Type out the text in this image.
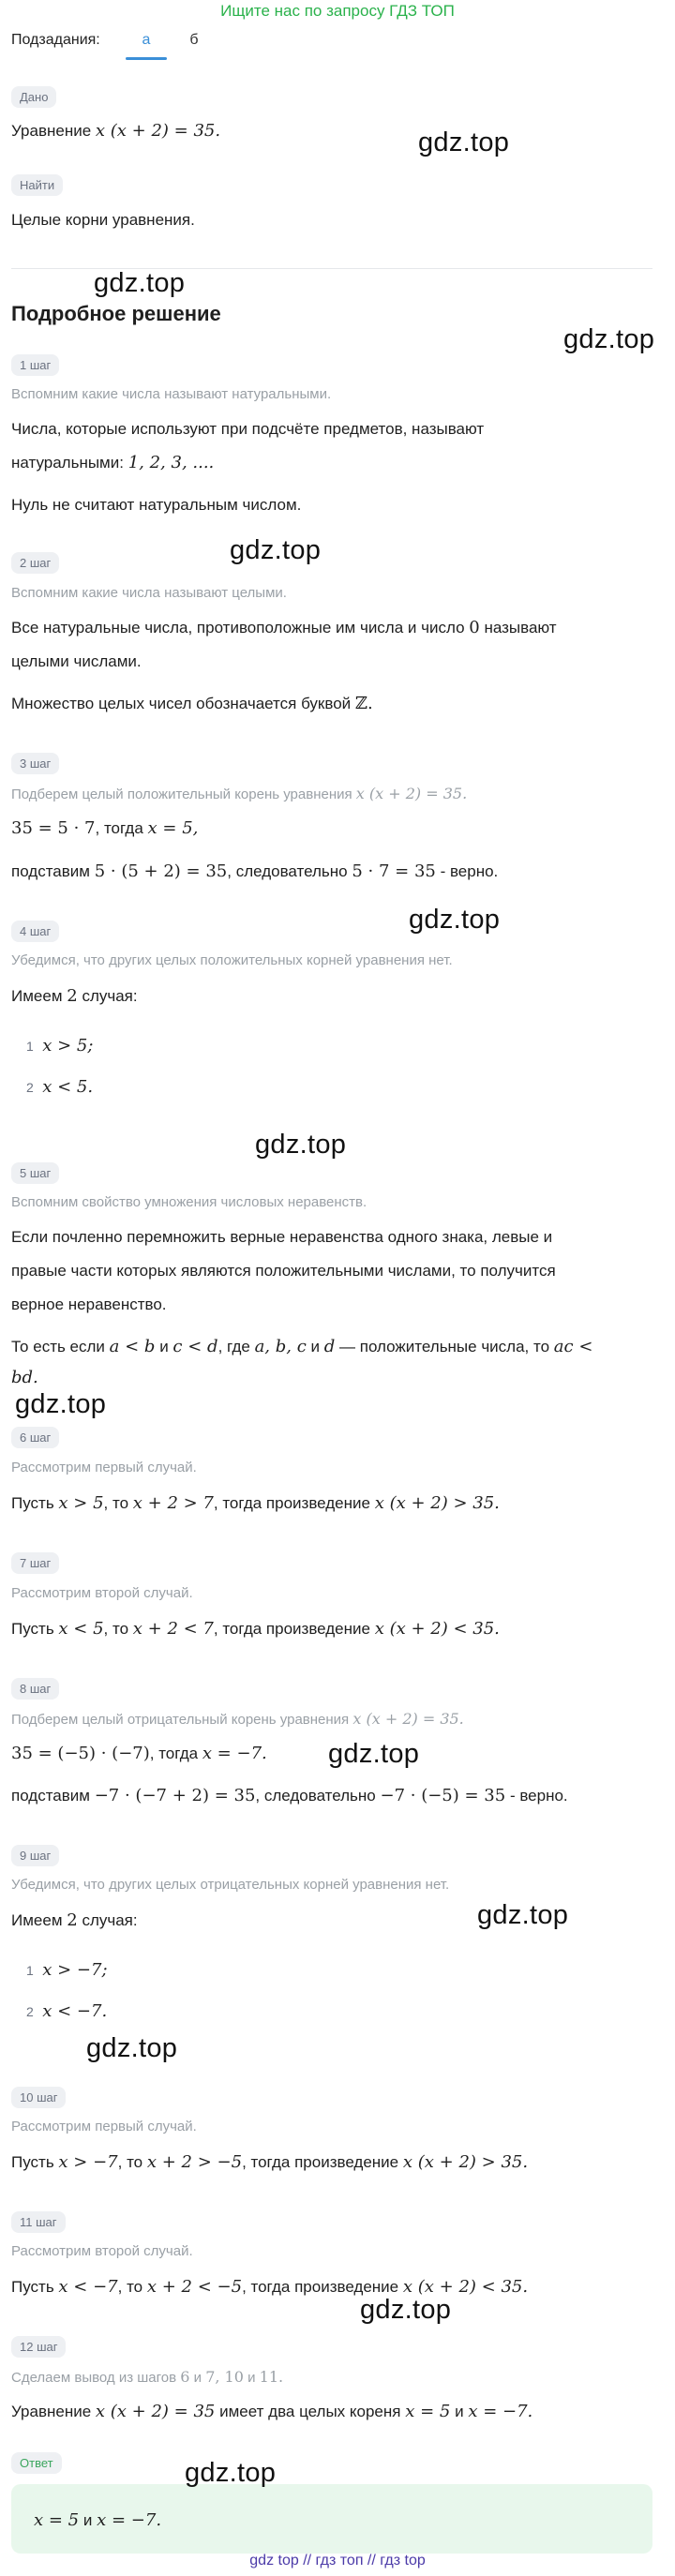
Ищите нас по запросу ГДЗ ТОП
Подзадания:	а	б
Дано
Уравнение x (x + 2) = 35.
Найти
Целые корни уравнения.
Подробное решение
1 шаг
Вспомним какие числа называют натуральными.
Числа, которые используют при подсчёте предметов, называют
натуральными: 1, 2, 3, ....
Нуль не считают натуральным числом.
2 шаг
Вспомним какие числа называют целыми.
Все натуральные числа, противоположные им числа и число 0 называют
целыми числами.
Множество целых чисел обозначается буквой ℤ.
3 шаг
Подберем целый положительный корень уравнения x (x + 2) = 35.
35 = 5 · 7, тогда x = 5,
подставим 5 · (5 + 2) = 35, следовательно 5 · 7 = 35 - верно.
4 шаг
Убедимся, что других целых положительных корней уравнения нет.
Имеем 2 случая:
1 x > 5;
2 x < 5.
5 шаг
Вспомним свойство умножения числовых неравенств.
Если почленно перемножить верные неравенства одного знака, левые и
правые части которых являются положительными числами, то получится
верное неравенство.
То есть если a < b и c < d, где a, b, c и d — положительные числа, то ac <
bd.
6 шаг
Рассмотрим первый случай.
Пусть x > 5, то x + 2 > 7, тогда произведение x (x + 2) > 35.
7 шаг
Рассмотрим второй случай.
Пусть x < 5, то x + 2 < 7, тогда произведение x (x + 2) < 35.
8 шаг
Подберем целый отрицательный корень уравнения x (x + 2) = 35.
35 = (−5) · (−7), тогда x = −7.
подставим −7 · (−7 + 2) = 35, следовательно −7 · (−5) = 35 - верно.
9 шаг
Убедимся, что других целых отрицательных корней уравнения нет.
Имеем 2 случая:
1 x > −7;
2 x < −7.
10 шаг
Рассмотрим первый случай.
Пусть x > −7, то x + 2 > −5, тогда произведение x (x + 2) > 35.
11 шаг
Рассмотрим второй случай.
Пусть x < −7, то x + 2 < −5, тогда произведение x (x + 2) < 35.
12 шаг
Сделаем вывод из шагов 6 и 7, 10 и 11.
Уравнение x (x + 2) = 35 имеет два целых кореня x = 5 и x = −7.
Ответ
x = 5 и x = −7.
gdz.top
gdz.top
gdz.top
gdz.top
gdz.top
gdz.top
gdz.top
gdz.top
gdz.top
gdz.top
gdz.top
gdz.top
gdz top // гдз топ // гдз top
